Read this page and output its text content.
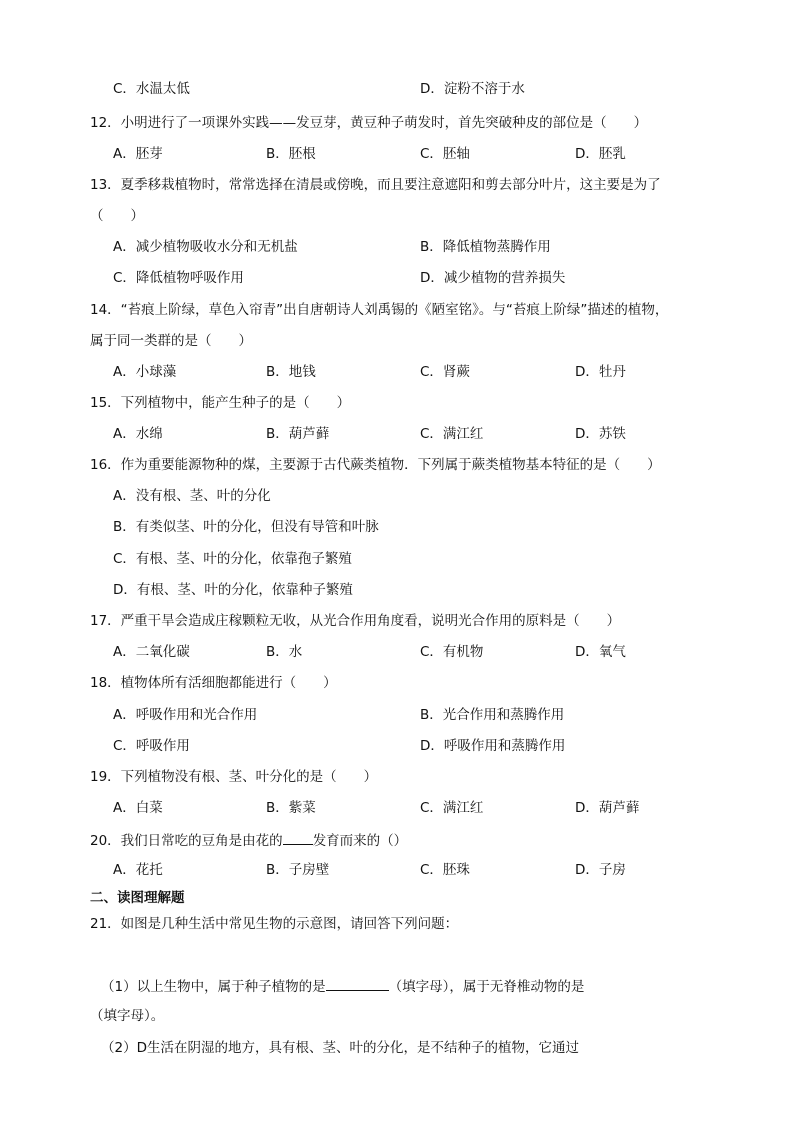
C．水温太低	D．淀粉不溶于水
12．小明进行了一项课外实践——发豆芽，黄豆种子萌发时，首先突破种皮的部位是（　　）
A．胚芽	B．胚根	C．胚轴	D．胚乳
13．夏季移栽植物时，常常选择在清晨或傍晚，而且要注意遮阳和剪去部分叶片，这主要是为了
（　　）
A．减少植物吸收水分和无机盐	B．降低植物蒸腾作用
C．降低植物呼吸作用	D．减少植物的营养损失
14．“苔痕上阶绿，草色入帘青”出自唐朝诗人刘禹锡的《陋室铭》。与“苔痕上阶绿”描述的植物，
属于同一类群的是（　　）
A．小球藻	B．地钱	C．肾蕨	D．牡丹
15．下列植物中，能产生种子的是（　　）
A．水绵	B．葫芦藓	C．满江红	D．苏铁
16．作为重要能源物种的煤，主要源于古代蕨类植物．下列属于蕨类植物基本特征的是（　　）
A．没有根、茎、叶的分化
B．有类似茎、叶的分化，但没有导管和叶脉
C．有根、茎、叶的分化，依靠孢子繁殖
D．有根、茎、叶的分化，依靠种子繁殖
17．严重干旱会造成庄稼颗粒无收，从光合作用角度看，说明光合作用的原料是（　　）
A．二氧化碳	B．水	C．有机物	D．氧气
18．植物体所有活细胞都能进行（　　）
A．呼吸作用和光合作用	B．光合作用和蒸腾作用
C．呼吸作用	D．呼吸作用和蒸腾作用
19．下列植物没有根、茎、叶分化的是（　　）
A．白菜	B．紫菜	C．满江红	D．葫芦藓
20．我们日常吃的豆角是由花的 发育而来的（）
A．花托	B．子房壁	C．胚珠	D．子房
二、读图理解题
21．如图是几种生活中常见生物的示意图，请回答下列问题：
（1）以上生物中，属于种子植物的是	（填字母），属于无脊椎动物的是
（填字母）。
（2）D生活在阴湿的地方，具有根、茎、叶的分化，是不结种子的植物，它通过
